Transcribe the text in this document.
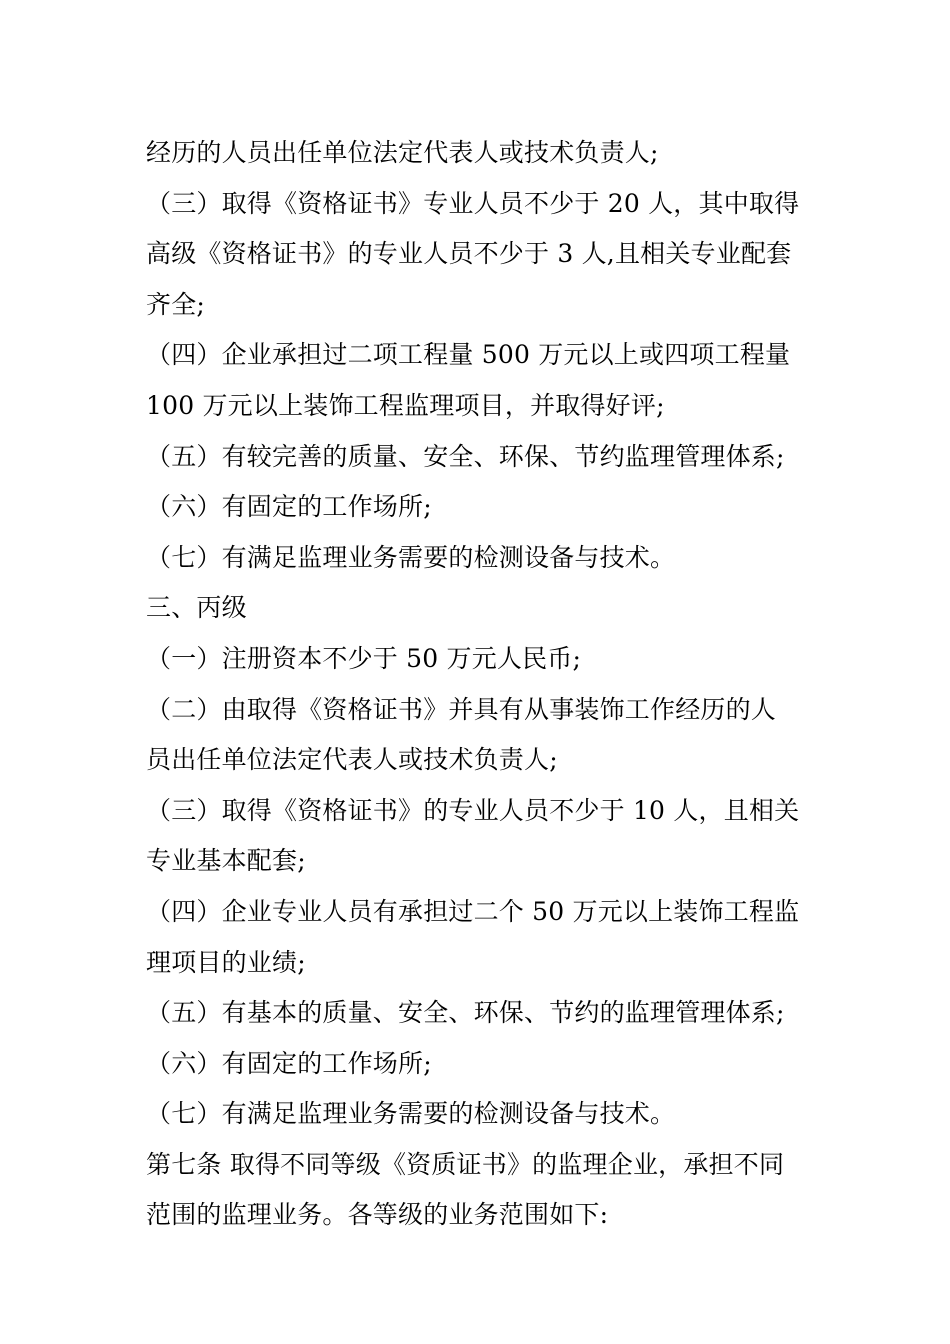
经历的人员出任单位法定代表人或技术负责人;
（三）取得《资格证书》专业人员不少于 20 人，其中取得
高级《资格证书》的专业人员不少于 3 人,且相关专业配套
齐全;
（四）企业承担过二项工程量 500 万元以上或四项工程量
100 万元以上装饰工程监理项目，并取得好评;
（五）有较完善的质量、安全、环保、节约监理管理体系;
（六）有固定的工作场所;
（七）有满足监理业务需要的检测设备与技术。
三、丙级
（一）注册资本不少于 50 万元人民币;
（二）由取得《资格证书》并具有从事装饰工作经历的人
员出任单位法定代表人或技术负责人;
（三）取得《资格证书》的专业人员不少于 10 人，且相关
专业基本配套;
（四）企业专业人员有承担过二个 50 万元以上装饰工程监
理项目的业绩;
（五）有基本的质量、安全、环保、节约的监理管理体系;
（六）有固定的工作场所;
（七）有满足监理业务需要的检测设备与技术。
第七条 取得不同等级《资质证书》的监理企业，承担不同
范围的监理业务。各等级的业务范围如下:
